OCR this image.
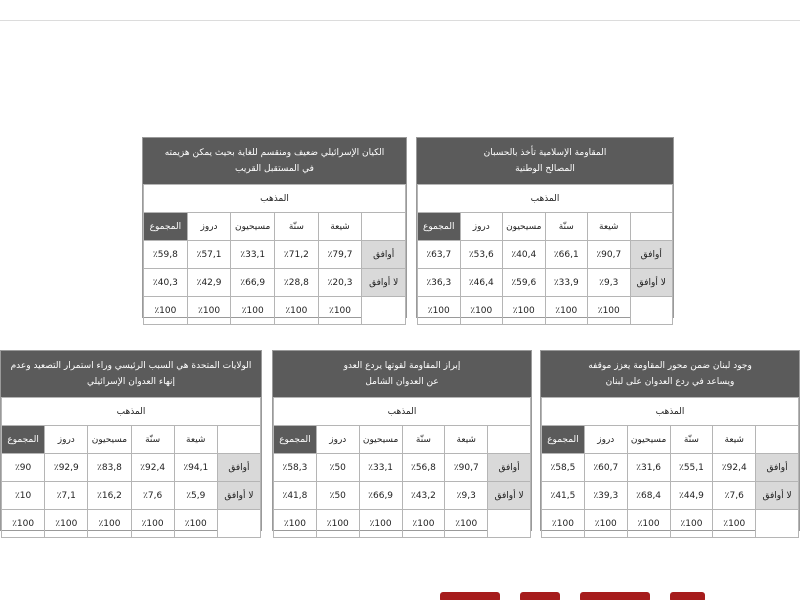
المقاومة الإسلامية تأخذ بالحسبان
المصالح الوطنية
المذهب					
	شيعة	سنّة	مسيحيون	دروز	المجموع
أوافق	٪90,7	٪66,1	٪40,4	٪53,6	٪63,7
لا أوافق	٪9,3	٪33,9	٪59,6	٪46,4	٪36,3
	٪100	٪100	٪100	٪100	٪100
الكيان الإسرائيلي ضعيف ومنقسم للغاية بحيث يمكن هزيمته
في المستقبل القريب
المذهب					
	شيعة	سنّة	مسيحيون	دروز	المجموع
أوافق	٪79,7	٪71,2	٪33,1	٪57,1	٪59,8
لا أوافق	٪20,3	٪28,8	٪66,9	٪42,9	٪40,3
	٪100	٪100	٪100	٪100	٪100
وجود لبنان ضمن محور المقاومة يعزز موقفه
ويساعد في ردع العدوان على لبنان
المذهب					
	شيعة	سنّة	مسيحيون	دروز	المجموع
أوافق	٪92,4	٪55,1	٪31,6	٪60,7	٪58,5
لا أوافق	٪7,6	٪44,9	٪68,4	٪39,3	٪41,5
	٪100	٪100	٪100	٪100	٪100
إبراز المقاومة لقوتها يردع العدو
عن العدوان الشامل
المذهب					
	شيعة	سنّة	مسيحيون	دروز	المجموع
أوافق	٪90,7	٪56,8	٪33,1	٪50	٪58,3
لا أوافق	٪9,3	٪43,2	٪66,9	٪50	٪41,8
	٪100	٪100	٪100	٪100	٪100
الولايات المتحدة هي السبب الرئيسي وراء استمرار التصعيد وعدم
إنهاء العدوان الإسرائيلي
المذهب					
	شيعة	سنّة	مسيحيون	دروز	المجموع
أوافق	٪94,1	٪92,4	٪83,8	٪92,9	٪90
لا أوافق	٪5,9	٪7,6	٪16,2	٪7,1	٪10
	٪100	٪100	٪100	٪100	٪100
